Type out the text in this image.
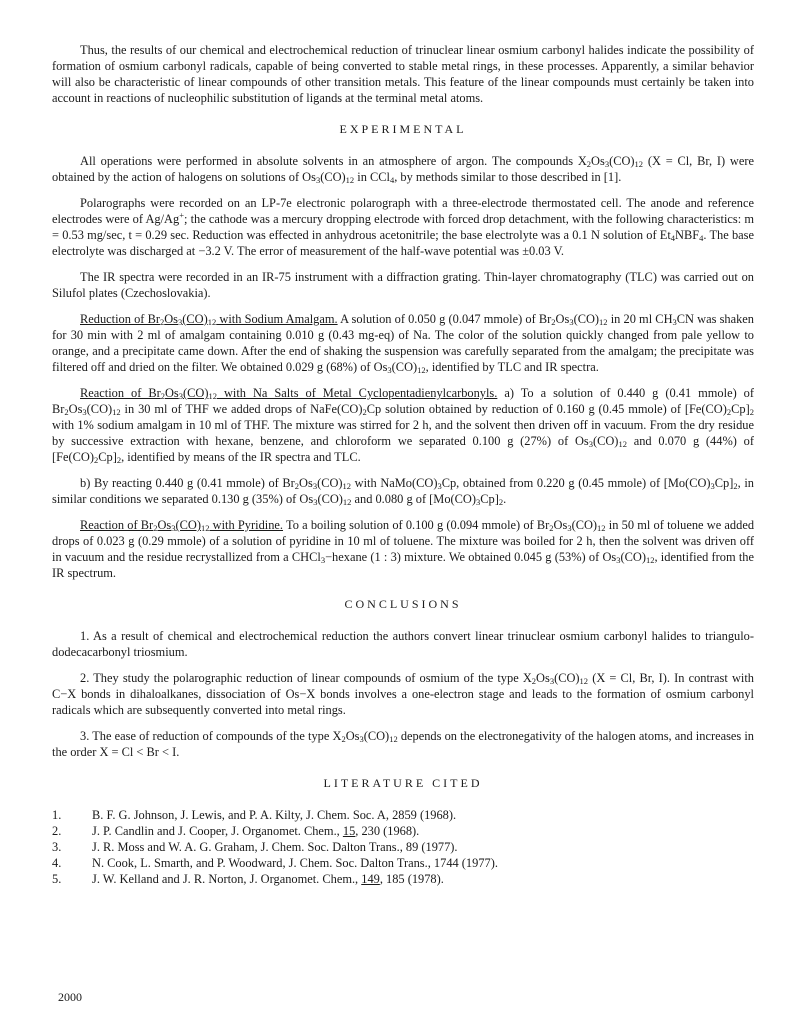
Thus, the results of our chemical and electrochemical reduction of trinuclear linear osmium carbonyl halides indicate the possibility of formation of osmium carbonyl radicals, capable of being converted to stable metal rings, in these processes. Apparently, a similar behavior will also be characteristic of linear compounds of other transition metals. This feature of the linear compounds must certainly be taken into account in reactions of nucleophilic substitution of ligands at the terminal metal atoms.

EXPERIMENTAL

All operations were performed in absolute solvents in an atmosphere of argon. The compounds $X_2Os_3(CO)_{12}$ (X = Cl, Br, I) were obtained by the action of halogens on solutions of $Os_3(CO)_{12}$ in CCl$_4$, by methods similar to those described in [1].

Polarographs were recorded on an LP-7e electronic polarograph with a three-electrode thermostated cell. The anode and reference electrodes were of Ag/Ag+; the cathode was a mercury dropping electrode with forced drop detachment, with the following characteristics: m = 0.53 mg/sec, t = 0.29 sec. Reduction was effected in anhydrous acetonitrile; the base electrolyte was a 0.1 N solution of $Et_4NBF_4$. The base electrolyte was discharged at −3.2 V. The error of measurement of the half-wave potential was ±0.03 V.

The IR spectra were recorded in an IR-75 instrument with a diffraction grating. Thin-layer chromatography (TLC) was carried out on Silufol plates (Czechoslovakia).

Reduction of $Br_2Os_3(CO)_{12}$ with Sodium Amalgam. A solution of 0.050 g (0.047 mmole) of $Br_2Os_3(CO)_{12}$ in 20 ml $CH_3CN$ was shaken for 30 min with 2 ml of amalgam containing 0.010 g (0.43 mg-eq) of Na. The color of the solution quickly changed from pale yellow to orange, and a precipitate came down. After the end of shaking the suspension was carefully separated from the amalgam; the precipitate was filtered off and dried on the filter. We obtained 0.029 g (68%) of $Os_3(CO)_{12}$, identified by TLC and IR spectra.

Reaction of $Br_2Os_3(CO)_{12}$ with Na Salts of Metal Cyclopentadienylcarbonyls. a) To a solution of 0.440 g (0.41 mmole) of $Br_2Os_3(CO)_{12}$ in 30 ml of THF we added drops of $NaFe(CO)_2Cp$ solution obtained by reduction of 0.160 g (0.45 mmole) of $[Fe(CO)_2Cp]_2$ with 1% sodium amalgam in 10 ml of THF. The mixture was stirred for 2 h, and the solvent then driven off in vacuum. From the dry residue by successive extraction with hexane, benzene, and chloroform we separated 0.100 g (27%) of $Os_3(CO)_{12}$ and 0.070 g (44%) of $[Fe(CO)_2Cp]_2$, identified by means of the IR spectra and TLC.

b) By reacting 0.440 g (0.41 mmole) of $Br_2Os_3(CO)_{12}$ with $NaMo(CO)_3Cp$, obtained from 0.220 g (0.45 mmole) of $[Mo(CO)_3Cp]_2$, in similar conditions we separated 0.130 g (35%) of $Os_3(CO)_{12}$ and 0.080 g of $[Mo(CO)_3Cp]_2$.

Reaction of $Br_2Os_3(CO)_{12}$ with Pyridine. To a boiling solution of 0.100 g (0.094 mmole) of $Br_2Os_3(CO)_{12}$ in 50 ml of toluene we added drops of 0.023 g (0.29 mmole) of a solution of pyridine in 10 ml of toluene. The mixture was boiled for 2 h, then the solvent was driven off in vacuum and the residue recrystallized from a CHCl$_3$−hexane (1 : 3) mixture. We obtained 0.045 g (53%) of $Os_3(CO)_{12}$, identified from the IR spectrum.

CONCLUSIONS

1. As a result of chemical and electrochemical reduction the authors convert linear trinuclear osmium carbonyl halides to triangulo-dodecacarbonyl triosmium.

2. They study the polarographic reduction of linear compounds of osmium of the type $X_2Os_3(CO)_{12}$ (X = Cl, Br, I). In contrast with C−X bonds in dihaloalkanes, dissociation of Os−X bonds involves a one-electron stage and leads to the formation of osmium carbonyl radicals which are subsequently converted into metal rings.

3. The ease of reduction of compounds of the type $X_2Os_3(CO)_{12}$ depends on the electronegativity of the halogen atoms, and increases in the order X = Cl < Br < I.

LITERATURE CITED
1.	B. F. G. Johnson, J. Lewis, and P. A. Kilty, J. Chem. Soc. A, 2859 (1968).
2.	J. P. Candlin and J. Cooper, J. Organomet. Chem., 15, 230 (1968).
3.	J. R. Moss and W. A. G. Graham, J. Chem. Soc. Dalton Trans., 89 (1977).
4.	N. Cook, L. Smarth, and P. Woodward, J. Chem. Soc. Dalton Trans., 1744 (1977).
5.	J. W. Kelland and J. R. Norton, J. Organomet. Chem., 149, 185 (1978).
2000
